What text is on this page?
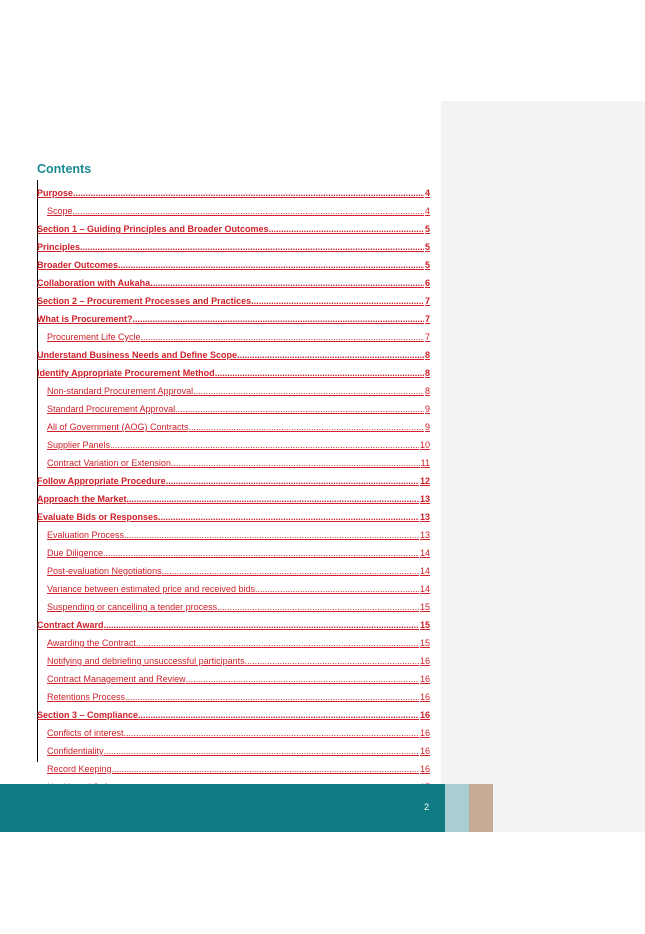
Contents
Purpose .....	4
Scope .....	4
Section 1 – Guiding Principles and Broader Outcomes .....	5
Principles .....	5
Broader Outcomes .....	5
Collaboration with Aukaha .....	6
Section 2 – Procurement Processes and Practices .....	7
What is Procurement? .....	7
Procurement Life Cycle .....	7
Understand Business Needs and Define Scope .....	8
Identify Appropriate Procurement Method .....	8
Non-standard Procurement Approval .....	8
Standard Procurement Approval .....	9
All of Government (AOG) Contracts .....	9
Supplier Panels .....	10
Contract Variation or Extension .....	11
Follow Appropriate Procedure .....	12
Approach the Market .....	13
Evaluate Bids or Responses .....	13
Evaluation Process .....	13
Due Diligence .....	14
Post-evaluation Negotiations .....	14
Variance between estimated price and received bids .....	14
Suspending or cancelling a tender process .....	15
Contract Award .....	15
Awarding the Contract .....	15
Notifying and debriefing unsuccessful participants .....	16
Contract Management and Review .....	16
Retentions Process .....	16
Section 3 – Compliance .....	16
Conflicts of interest .....	16
Confidentiality .....	16
Record Keeping .....	16
.....
2
